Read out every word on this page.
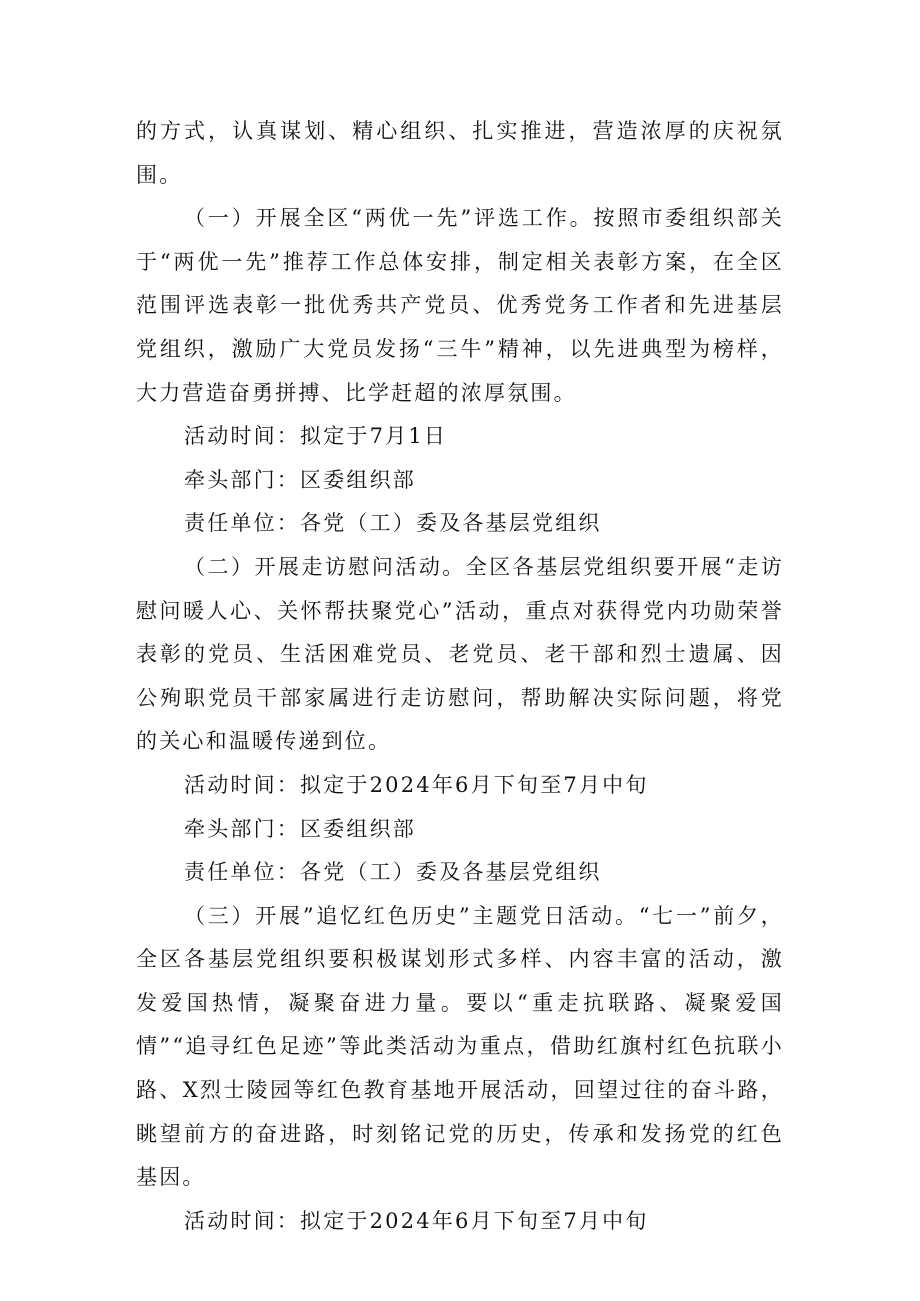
的方式，认真谋划、精心组织、扎实推进，营造浓厚的庆祝氛围。

（一）开展全区“两优一先”评选工作。按照市委组织部关于“两优一先”推荐工作总体安排，制定相关表彰方案，在全区范围评选表彰一批优秀共产党员、优秀党务工作者和先进基层党组织，激励广大党员发扬“三牛”精神，以先进典型为榜样，大力营造奋勇拼搏、比学赶超的浓厚氛围。

活动时间：拟定于7月1日

牵头部门：区委组织部

责任单位：各党（工）委及各基层党组织

（二）开展走访慰问活动。全区各基层党组织要开展“走访慰问暖人心、关怀帮扶聚党心”活动，重点对获得党内功勋荣誉表彰的党员、生活困难党员、老党员、老干部和烈士遗属、因公殉职党员干部家属进行走访慰问，帮助解决实际问题，将党的关心和温暖传递到位。

活动时间：拟定于2024年6月下旬至7月中旬

牵头部门：区委组织部

责任单位：各党（工）委及各基层党组织

（三）开展”追忆红色历史”主题党日活动。“七一”前夕，全区各基层党组织要积极谋划形式多样、内容丰富的活动，激发爱国热情，凝聚奋进力量。要以“重走抗联路、凝聚爱国情”“追寻红色足迹”等此类活动为重点，借助红旗村红色抗联小路、X烈士陵园等红色教育基地开展活动，回望过往的奋斗路，眺望前方的奋进路，时刻铭记党的历史，传承和发扬党的红色基因。

活动时间：拟定于2024年6月下旬至7月中旬
